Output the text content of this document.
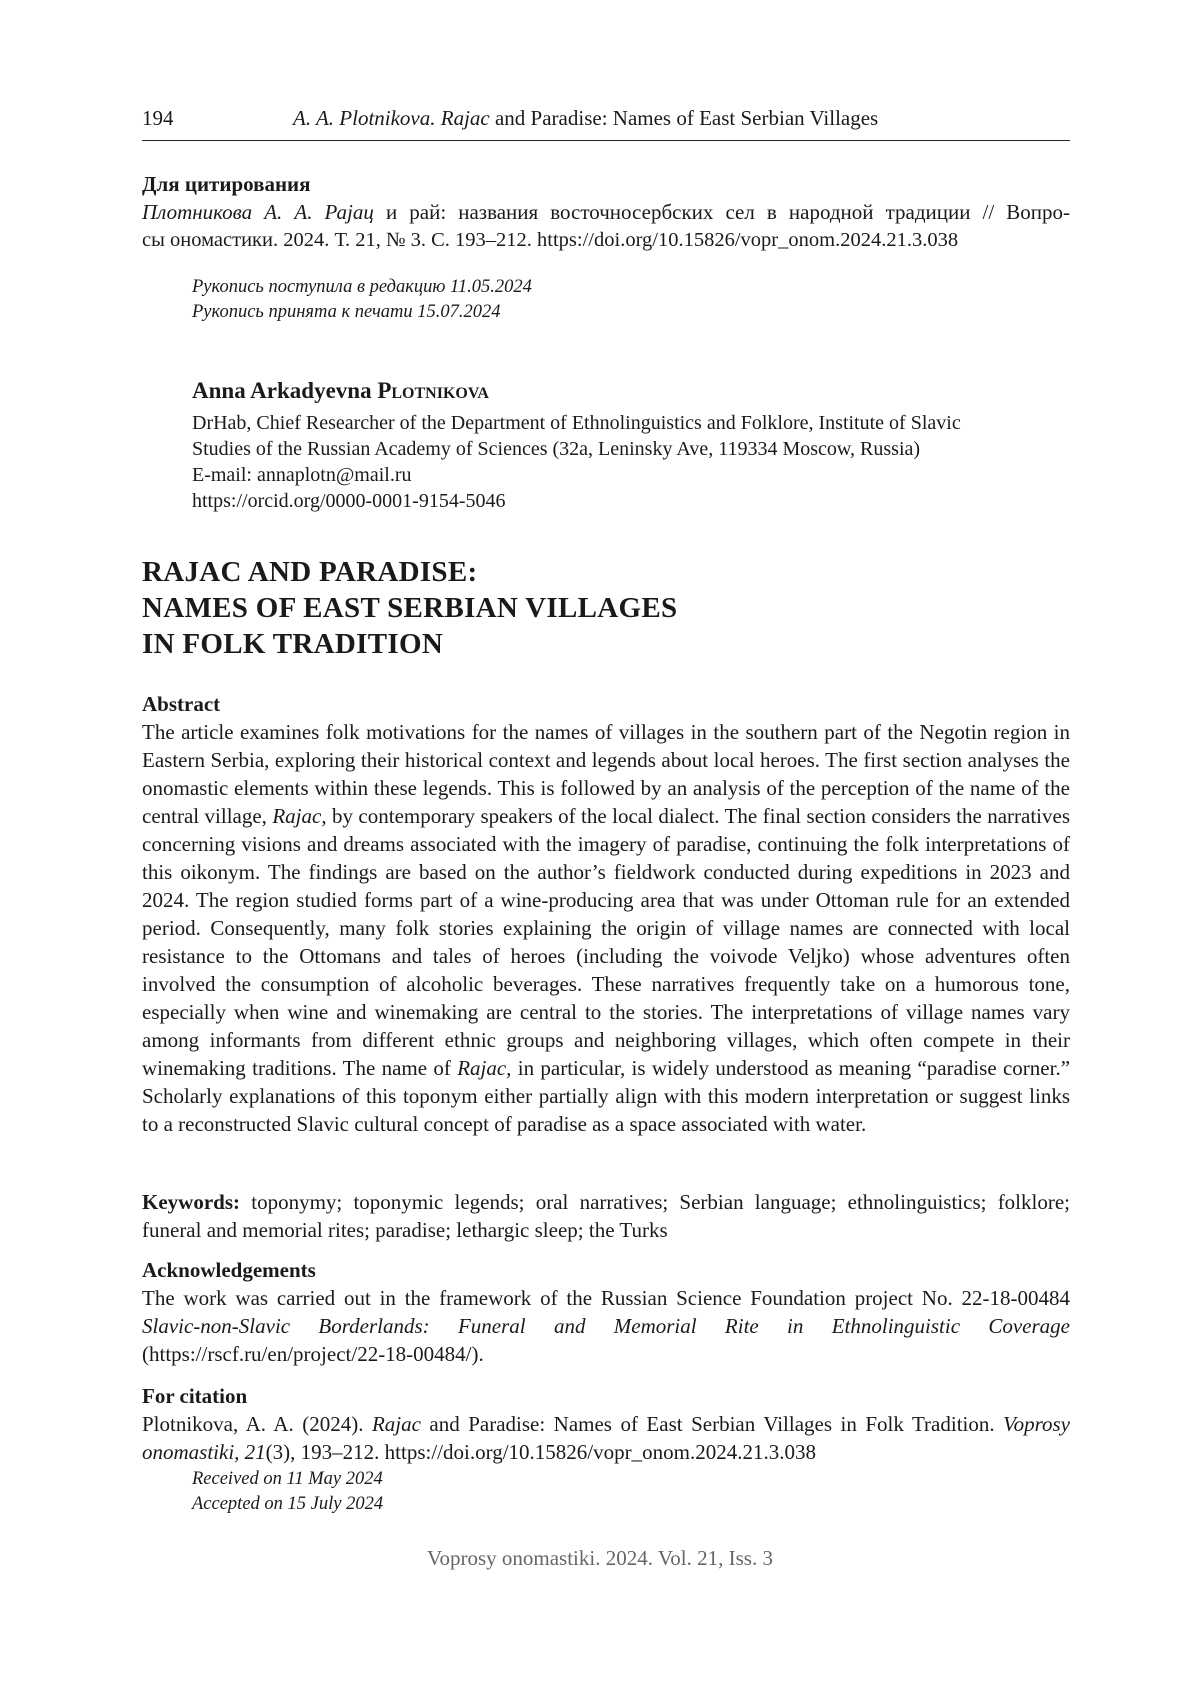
194	A. A. Plotnikova. Rajac and Paradise: Names of East Serbian Villages

Для цитирования

Плотникова А. А. Рајац и рай: названия восточносербских сел в народной традиции // Вопро-

сы ономастики. 2024. Т. 21, № 3. С. 193–212. https://doi.org/10.15826/vopr_onom.2024.21.3.038

Рукопись поступила в редакцию 11.05.2024
Рукопись принята к печати 15.07.2024
Anna Arkadyevna Plotnikova
DrHab, Chief Researcher of the Department of Ethnolinguistics and Folklore, Institute of Slavic
Studies of the Russian Academy of Sciences (32a, Leninsky Ave, 119334 Moscow, Russia)
E-mail: annaplotn@mail.ru
https://orcid.org/0000-0001-9154-5046
RAJAC AND PARADISE:
NAMES OF EAST SERBIAN VILLAGES
IN FOLK TRADITION

Abstract

The article examines folk motivations for the names of villages in the southern part of the Negotin region in Eastern Serbia, exploring their historical context and legends about local heroes. The first section analyses the onomastic elements within these legends. This is followed by an analysis of the perception of the name of the central village, Rajac, by contemporary speakers of the local dialect. The final section considers the narratives concerning visions and dreams associated with the imagery of paradise, continuing the folk interpretations of this oikonym. The findings are based on the author’s fieldwork conducted during expeditions in 2023 and 2024. The region studied forms part of a wine-producing area that was under Ottoman rule for an extended period. Consequently, many folk stories explaining the origin of village names are connected with local resistance to the Ottomans and tales of heroes (including the voivode Veljko) whose adventures often involved the consumption of alcoholic beverages. These narratives frequently take on a humorous tone, especially when wine and winemaking are central to the stories. The interpretations of village names vary among informants from different ethnic groups and neighboring villages, which often compete in their winemaking traditions. The name of Rajac, in particular, is widely understood as meaning “paradise corner.” Scholarly explanations of this toponym either partially align with this modern interpretation or suggest links to a reconstructed Slavic cultural concept of paradise as a space associated with water.

Keywords: toponymy; toponymic legends; oral narratives; Serbian language; ethnolinguistics; folklore; funeral and memorial rites; paradise; lethargic sleep; the Turks

Acknowledgements

The work was carried out in the framework of the Russian Science Foundation project No. 22-18-00484 Slavic-non-Slavic Borderlands: Funeral and Memorial Rite in Ethnolinguistic Coverage (https://rscf.ru/en/project/22-18-00484/).

For citation

Plotnikova, A. A. (2024). Rajac and Paradise: Names of East Serbian Villages in Folk Tradition. Voprosy onomastiki, 21(3), 193–212. https://doi.org/10.15826/vopr_onom.2024.21.3.038

Received on 11 May 2024
Accepted on 15 July 2024
Voprosy onomastiki. 2024. Vol. 21, Iss. 3
